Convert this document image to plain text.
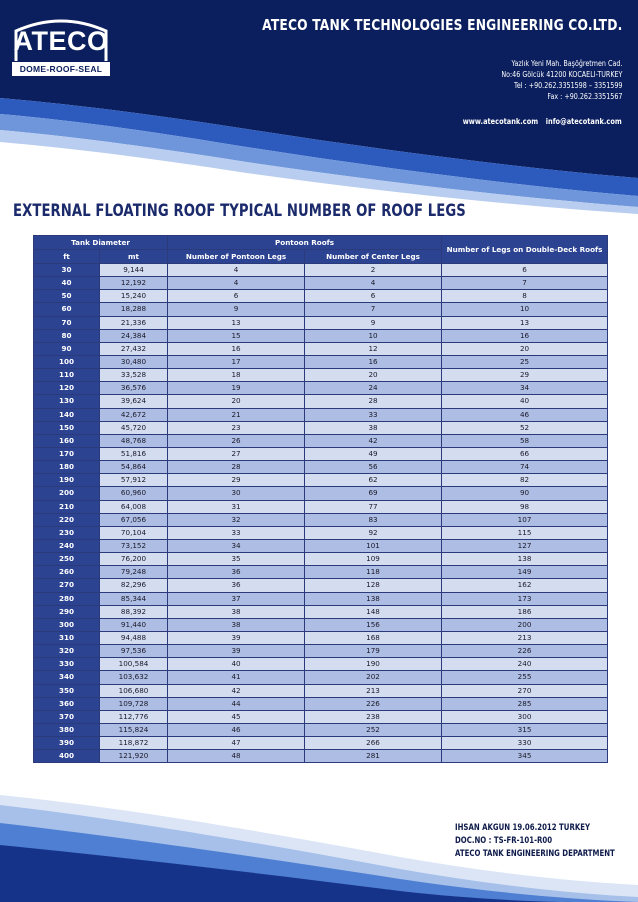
ATECO
DOME-ROOF-SEAL
ATECO TANK TECHNOLOGIES ENGINEERING CO.LTD.
Yazlık Yeni Mah. Başöğretmen Cad.
No:46 Gölcük 41200 KOCAELI-TURKEY
Tel : +90.262.3351598 – 3351599
Fax : +90.262.3351567
www.atecotank.com info@atecotank.com
EXTERNAL FLOATING ROOF TYPICAL NUMBER OF ROOF LEGS
Tank Diameter		Pontoon Roofs		Number of Legs on Double-Deck Roofs
ft	mt	Number of Pontoon Legs	Number of Center Legs	
30	9,144	4	2	6
40	12,192	4	4	7
50	15,240	6	6	8
60	18,288	9	7	10
70	21,336	13	9	13
80	24,384	15	10	16
90	27,432	16	12	20
100	30,480	17	16	25
110	33,528	18	20	29
120	36,576	19	24	34
130	39,624	20	28	40
140	42,672	21	33	46
150	45,720	23	38	52
160	48,768	26	42	58
170	51,816	27	49	66
180	54,864	28	56	74
190	57,912	29	62	82
200	60,960	30	69	90
210	64,008	31	77	98
220	67,056	32	83	107
230	70,104	33	92	115
240	73,152	34	101	127
250	76,200	35	109	138
260	79,248	36	118	149
270	82,296	36	128	162
280	85,344	37	138	173
290	88,392	38	148	186
300	91,440	38	156	200
310	94,488	39	168	213
320	97,536	39	179	226
330	100,584	40	190	240
340	103,632	41	202	255
350	106,680	42	213	270
360	109,728	44	226	285
370	112,776	45	238	300
380	115,824	46	252	315
390	118,872	47	266	330
400	121,920	48	281	345
IHSAN AKGUN 19.06.2012 TURKEY
DOC.NO : TS-FR-101-R00
ATECO TANK ENGINEERING DEPARTMENT
